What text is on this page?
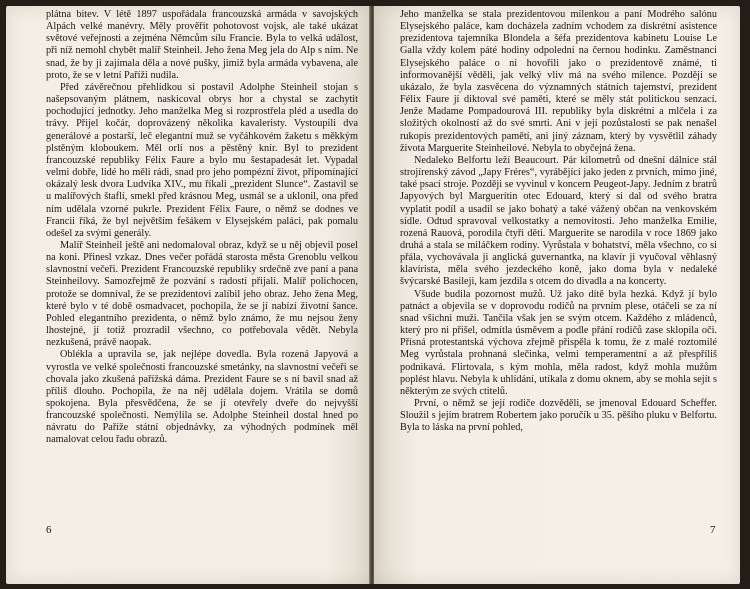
plátna bitev. V létě 1897 uspořádala francouzská armáda v savojských Alpách velké manévry. Měly prověřit pohotovost vojsk, ale také ukázat světové veřejnosti a zejména Němcům sílu Francie. Byla to velká událost, při níž nemohl chybět malíř Steinheil. Jeho žena Meg jela do Alp s ním. Ne snad, že by ji zajímala děla a nové pušky, jimiž byla armáda vybavena, ale proto, že se v letní Paříži nudila.

Před závěrečnou přehlídkou si postavil Adolphe Steinheil stojan s našepsovaným plátnem, naskicoval obrys hor a chystal se zachytit pochodující jednotky. Jeho manželka Meg si rozprostřela pléd a usedla do trávy. Přijel kočár, doprovázený několika kavaleristy. Vystoupili dva generálové a postarší, leč elegantní muž se vyčáhkovém žaketu s měkkým plstěným kloboukem. Měl orlí nos a pěstěný knír. Byl to prezident francouzské republiky Félix Faure a bylo mu šestapadesát let. Vypadal velmi dobře, lidé ho měli rádi, snad pro jeho pompézní život, připomínající okázalý lesk dvora Ludvíka XIV., mu říkali „prezident Slunce“. Zastavil se u malířových štaflí, smekl před krásnou Meg, usmál se a uklonil, ona před ním udělala vzorné pukrle. Prezident Félix Faure, o němž se dodnes ve Francii říká, že byl největším fešákem v Elysejském paláci, pak pomalu odešel za svými generály.

Malíř Steinheil ještě ani nedomaloval obraz, když se u něj objevil posel na koni. Přinesl vzkaz. Dnes večer pořádá starosta města Grenoblu velkou slavnostní večeři. Prezident Francouzské republiky srdečně zve paní a pana Steinheilovy. Samozřejmě že pozvání s radostí přijali. Malíř polichocen, protože se domníval, že se prezidentovi zalíbil jeho obraz. Jeho žena Meg, které bylo v té době osmadvacet, pochopila, že se jí nabízí životní šance. Pohled elegantního prezidenta, o němž bylo známo, že mu nejsou ženy lhostejné, jí totiž prozradil všechno, co potřebovala vědět. Nebyla nezkušená, právě naopak.

Oblékla a upravila se, jak nejlépe dovedla. Byla rozená Japyová a vyrostla ve velké společnosti francouzské smetánky, na slavnostní večeři se chovala jako zkušená pařížská dáma. Prezident Faure se s ní bavil snad až příliš dlouho. Pochopila, že na něj udělala dojem. Vrátila se domů spokojena. Byla přesvědčena, že se jí otevřely dveře do nejvyšší francouzské společnosti. Nemýlila se. Adolphe Steinheil dostal hned po návratu do Paříže státní objednávky, za výhodných podmínek měl namalovat celou řadu obrazů.

6

Jeho manželka se stala prezidentovou milenkou a paní Modrého salónu Elysejského paláce, kam docházela zadním vchodem za diskrétní asistence prezidentova tajemníka Blondela a šéfa prezidentova kabinetu Louise Le Galla vždy kolem páté hodiny odpolední na černou hodinku. Zaměstnanci Elysejského paláce o ní hovořili jako o prezidentově známé, ti informovanější věděli, jak velký vliv má na svého milence. Později se ukázalo, že byla zasvěcena do významných státních tajemství, prezident Félix Faure jí diktoval své paměti, které se měly stát politickou senzací. Jenže Madame Pompadourová III. republiky byla diskrétní a mlčela i za složitých okolností až do své smrti. Ani v její pozůstalosti se pak nenašel rukopis prezidentových pamětí, ani jiný záznam, který by vysvětlil záhady života Marguerite Steinheilové. Nebyla to obyčejná žena.

Nedaleko Belfortu leží Beaucourt. Pár kilometrů od dnešní dálnice stál strojírenský závod „Japy Fréres“, vyrábějící jako jeden z prvních, mimo jiné, také psací stroje. Později se vyvinul v koncern Peugeot-Japy. Jedním z bratrů Japyových byl Marguerítin otec Edouard, který si dal od svého bratra vyplatit podíl a usadil se jako bohatý a také vážený občan na venkovském sídle. Odtud spravoval velkostatky a nemovitosti. Jeho manželka Emilie, rozená Rauová, porodila čtyři děti. Marguerite se narodila v roce 1869 jako druhá a stala se miláčkem rodiny. Vyrůstala v bohatství, měla všechno, co si přála, vychovávala ji anglická guvernantka, na klavír ji vyučoval věhlasný klavírista, měla svého jezdeckého koně, jako doma byla v nedaleké švýcarské Basileji, kam jezdila s otcem do divadla a na koncerty.

Všude budila pozornost mužů. Už jako dítě byla hezká. Když jí bylo patnáct a objevila se v doprovodu rodičů na prvním plese, otáčeli se za ní snad všichni muži. Tančila však jen se svým otcem. Každého z mládenců, který pro ni přišel, odmítla úsměvem a podle přání rodičů zase sklopila oči. Přísná protestantská výchova zřejmě přispěla k tomu, že z malé roztomilé Meg vyrůstala prohnaná slečinka, velmi temperamentní a až přespříliš podnikavá. Flirtovala, s kým mohla, měla radost, když mohla mužům poplést hlavu. Nebyla k uhlídání, utíkala z domu oknem, aby se mohla sejít s některým ze svých ctitelů.

První, o němž se její rodiče dozvěděli, se jmenoval Edouard Scheffer. Sloužil s jejím bratrem Robertem jako poručík u 35. pěšího pluku v Belfortu. Byla to láska na první pohled,

7
